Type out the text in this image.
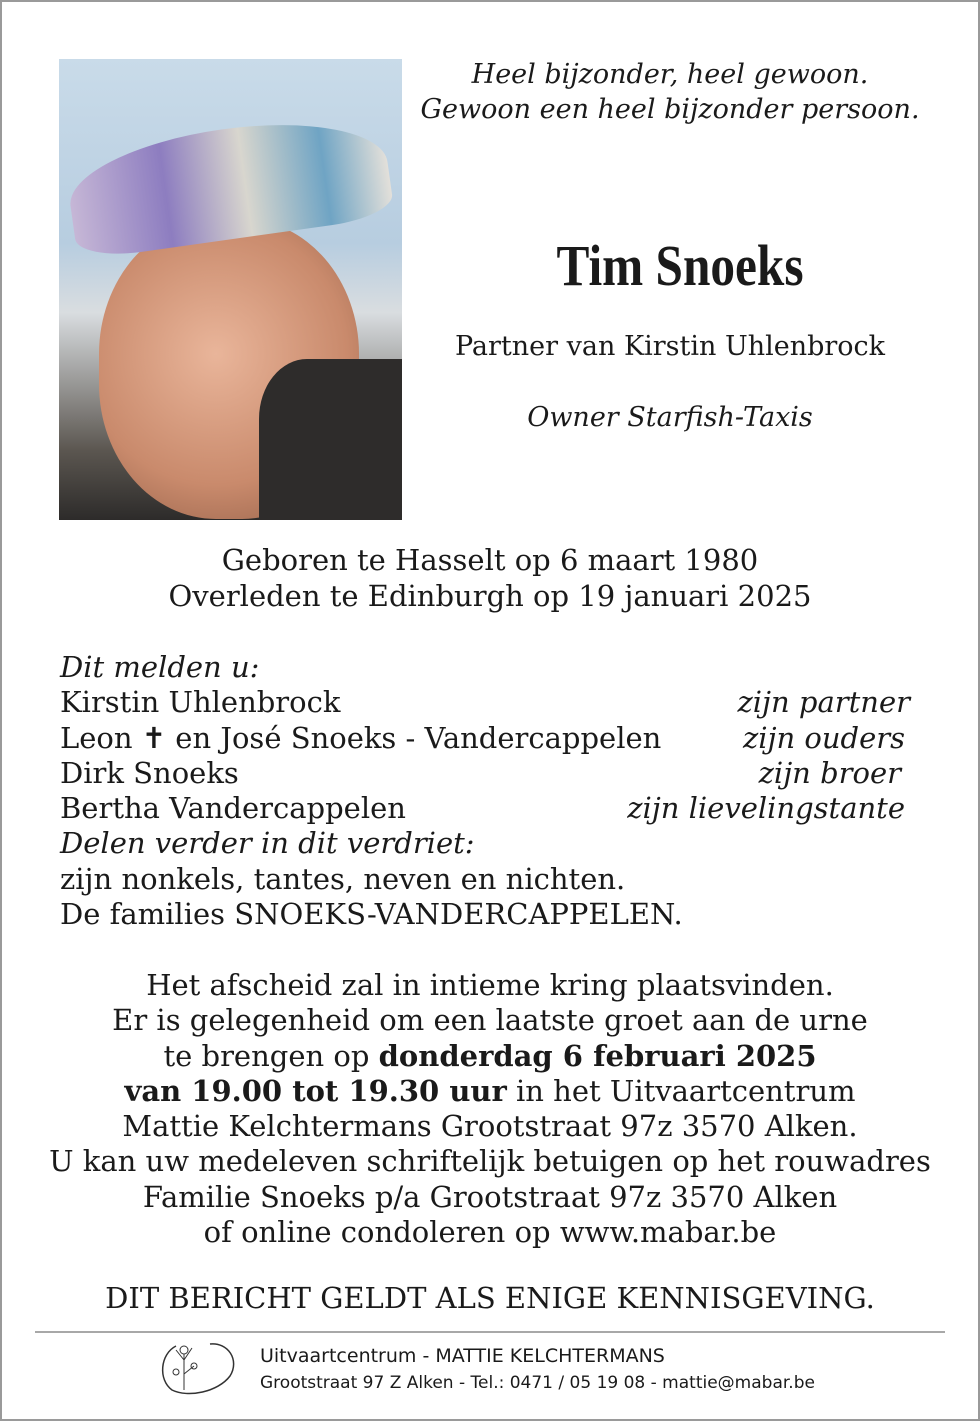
Heel bijzonder, heel gewoon.
Gewoon een heel bijzonder persoon.
Tim Snoeks
Partner van Kirstin Uhlenbrock
Owner Starfish-Taxis
Geboren te Hasselt op 6 maart 1980
Overleden te Edinburgh op 19 januari 2025
Dit melden u:
Kirstin Uhlenbrock	zijn partner
Leon ✝ en José Snoeks - Vandercappelen	zijn ouders
Dirk Snoeks	zijn broer
Bertha Vandercappelen	zijn lievelingstante
Delen verder in dit verdriet:
zijn nonkels, tantes, neven en nichten.
De families SNOEKS-VANDERCAPPELEN.
Het afscheid zal in intieme kring plaatsvinden.
Er is gelegenheid om een laatste groet aan de urne
te brengen op donderdag 6 februari 2025
van 19.00 tot 19.30 uur in het Uitvaartcentrum
Mattie Kelchtermans Grootstraat 97z 3570 Alken.
U kan uw medeleven schriftelijk betuigen op het rouwadres
Familie Snoeks p/a Grootstraat 97z 3570 Alken
of online condoleren op www.mabar.be
DIT BERICHT GELDT ALS ENIGE KENNISGEVING.
Uitvaartcentrum - MATTIE KELCHTERMANS
Grootstraat 97 Z Alken - Tel.: 0471 / 05 19 08 - mattie@mabar.be
